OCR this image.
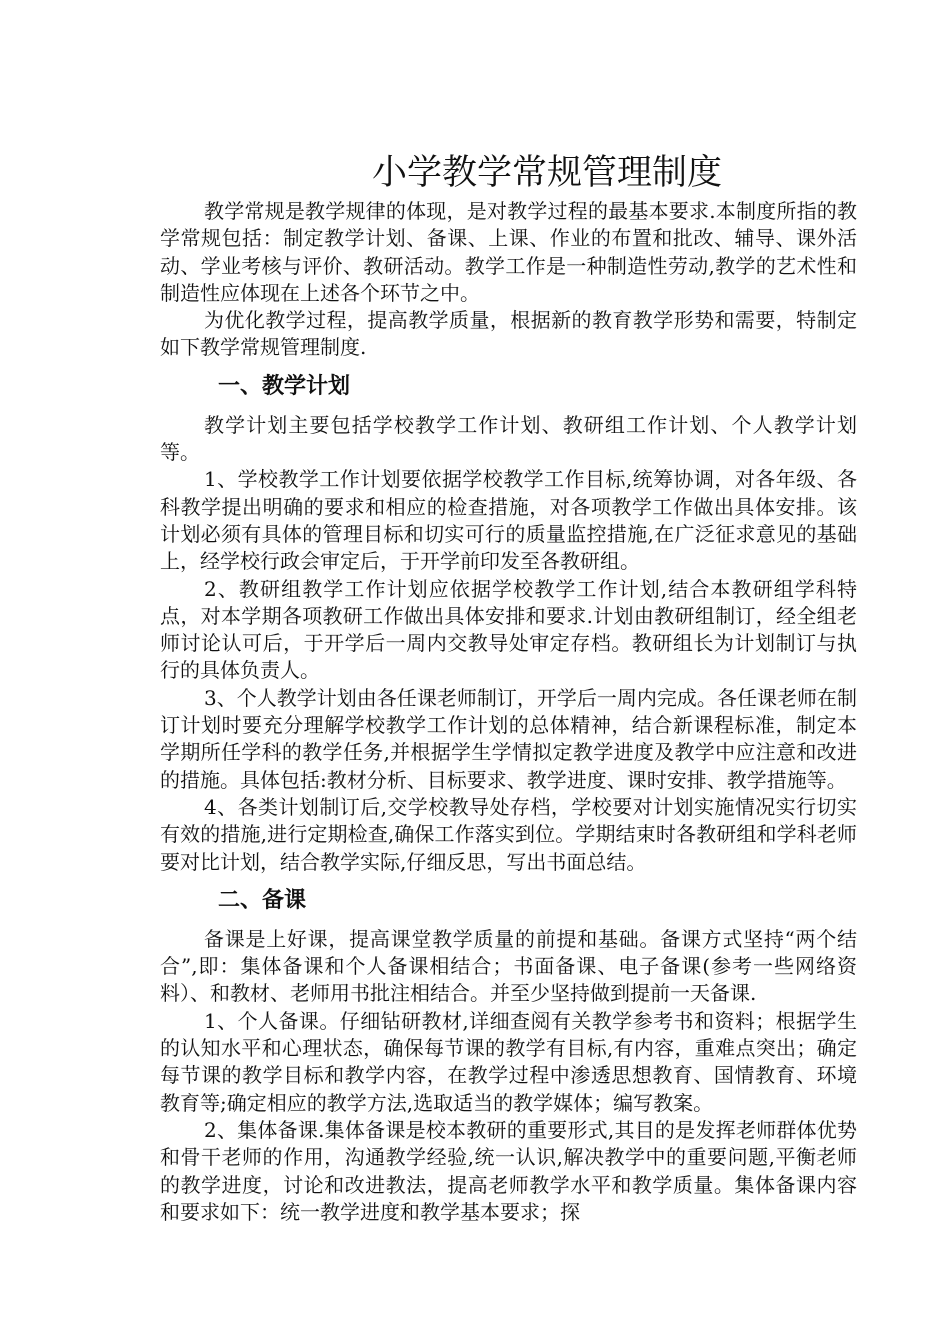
小学教学常规管理制度

教学常规是教学规律的体现，是对教学过程的最基本要求.本制度所指的教学常规包括：制定教学计划、备课、上课、作业的布置和批改、辅导、课外活动、学业考核与评价、教研活动。教学工作是一种制造性劳动,教学的艺术性和制造性应体现在上述各个环节之中。

为优化教学过程，提高教学质量，根据新的教育教学形势和需要，特制定如下教学常规管理制度.

一、教学计划

教学计划主要包括学校教学工作计划、教研组工作计划、个人教学计划等。

1、学校教学工作计划要依据学校教学工作目标,统筹协调，对各年级、各科教学提出明确的要求和相应的检查措施，对各项教学工作做出具体安排。该计划必须有具体的管理目标和切实可行的质量监控措施,在广泛征求意见的基础上，经学校行政会审定后，于开学前印发至各教研组。

2、教研组教学工作计划应依据学校教学工作计划,结合本教研组学科特点，对本学期各项教研工作做出具体安排和要求.计划由教研组制订，经全组老师讨论认可后，于开学后一周内交教导处审定存档。教研组长为计划制订与执行的具体负责人。

3、个人教学计划由各任课老师制订，开学后一周内完成。各任课老师在制订计划时要充分理解学校教学工作计划的总体精神，结合新课程标准，制定本学期所任学科的教学任务,并根据学生学情拟定教学进度及教学中应注意和改进的措施。具体包括:教材分析、目标要求、教学进度、课时安排、教学措施等。

4、各类计划制订后,交学校教导处存档，学校要对计划实施情况实行切实有效的措施,进行定期检查,确保工作落实到位。学期结束时各教研组和学科老师要对比计划，结合教学实际,仔细反思，写出书面总结。

二、备课

备课是上好课，提高课堂教学质量的前提和基础。备课方式坚持“两个结合”,即：集体备课和个人备课相结合；书面备课、电子备课(参考一些网络资料）、和教材、老师用书批注相结合。并至少坚持做到提前一天备课.

1、个人备课。仔细钻研教材,详细查阅有关教学参考书和资料；根据学生的认知水平和心理状态，确保每节课的教学有目标,有内容，重难点突出；确定每节课的教学目标和教学内容，在教学过程中渗透思想教育、国情教育、环境教育等;确定相应的教学方法,选取适当的教学媒体；编写教案。

2、集体备课.集体备课是校本教研的重要形式,其目的是发挥老师群体优势和骨干老师的作用，沟通教学经验,统一认识,解决教学中的重要问题,平衡老师的教学进度，讨论和改进教法，提高老师教学水平和教学质量。集体备课内容和要求如下：统一教学进度和教学基本要求；探
